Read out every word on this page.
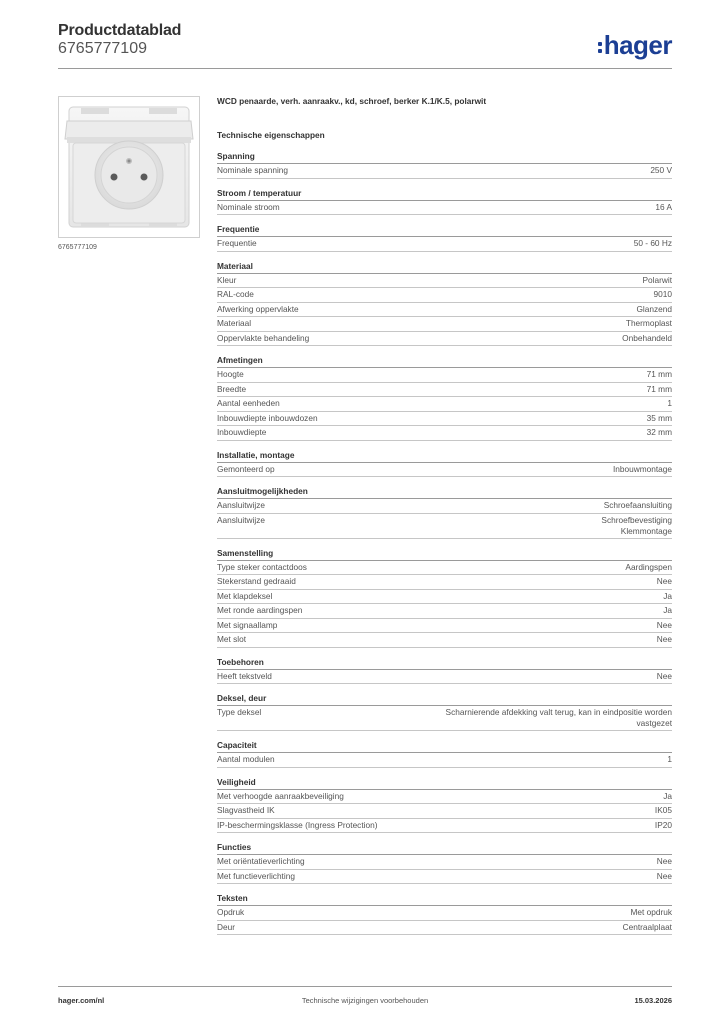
Productdatablad
6765777109	hager
6765777109
WCD penaarde, verh. aanraakv., kd, schroef, berker K.1/K.5, polarwit
Technische eigenschappen
Spanning
Nominale spanning	250 V
Stroom / temperatuur
Nominale stroom	16 A
Frequentie
Frequentie	50 - 60 Hz
Materiaal
Kleur	Polarwit
RAL-code	9010
Afwerking oppervlakte	Glanzend
Materiaal	Thermoplast
Oppervlakte behandeling	Onbehandeld
Afmetingen
Hoogte	71 mm
Breedte	71 mm
Aantal eenheden	1
Inbouwdiepte inbouwdozen	35 mm
Inbouwdiepte	32 mm
Installatie, montage
Gemonteerd op	Inbouwmontage
Aansluitmogelijkheden
Aansluitwijze	Schroefaansluiting
Aansluitwijze	Schroefbevestiging
Klemmontage
Samenstelling
Type steker contactdoos	Aardingspen
Stekerstand gedraaid	Nee
Met klapdeksel	Ja
Met ronde aardingspen	Ja
Met signaallamp	Nee
Met slot	Nee
Toebehoren
Heeft tekstveld	Nee
Deksel, deur
Type deksel	Scharnierende afdekking valt terug, kan in eindpositie worden
vastgezet
Capaciteit
Aantal modulen	1
Veiligheid
Met verhoogde aanraakbeveiliging	Ja
Slagvastheid IK	IK05
IP-beschermingsklasse (Ingress Protection)	IP20
Functies
Met oriëntatieverlichting	Nee
Met functieverlichting	Nee
Teksten
Opdruk	Met opdruk
Deur	Centraalplaat
hager.com/nl	Technische wijzigingen voorbehouden	15.03.2026
